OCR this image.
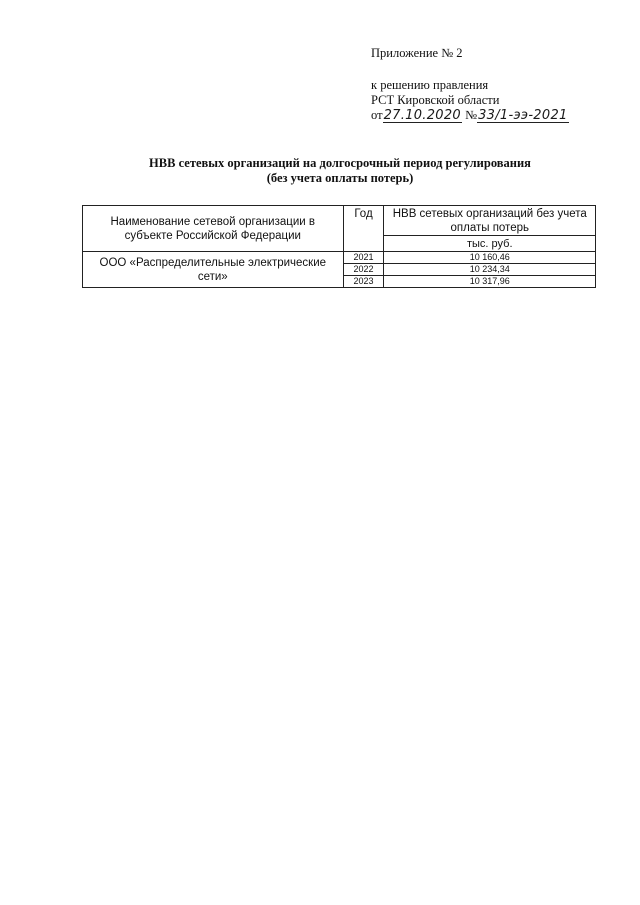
Приложение № 2
к решению правления
РСТ Кировской области
от27.10.2020 №33/1-ээ-2021
НВВ сетевых организаций на долгосрочный период регулирования
(без учета оплаты потерь)
Наименование сетевой организации в субъекте Российской Федерации	Год	НВВ сетевых организаций без учета оплаты потерь
		тыс. руб.
ООО «Распределительные электрические сети»	2021	10 160,46
	2022	10 234,34
	2023	10 317,96
